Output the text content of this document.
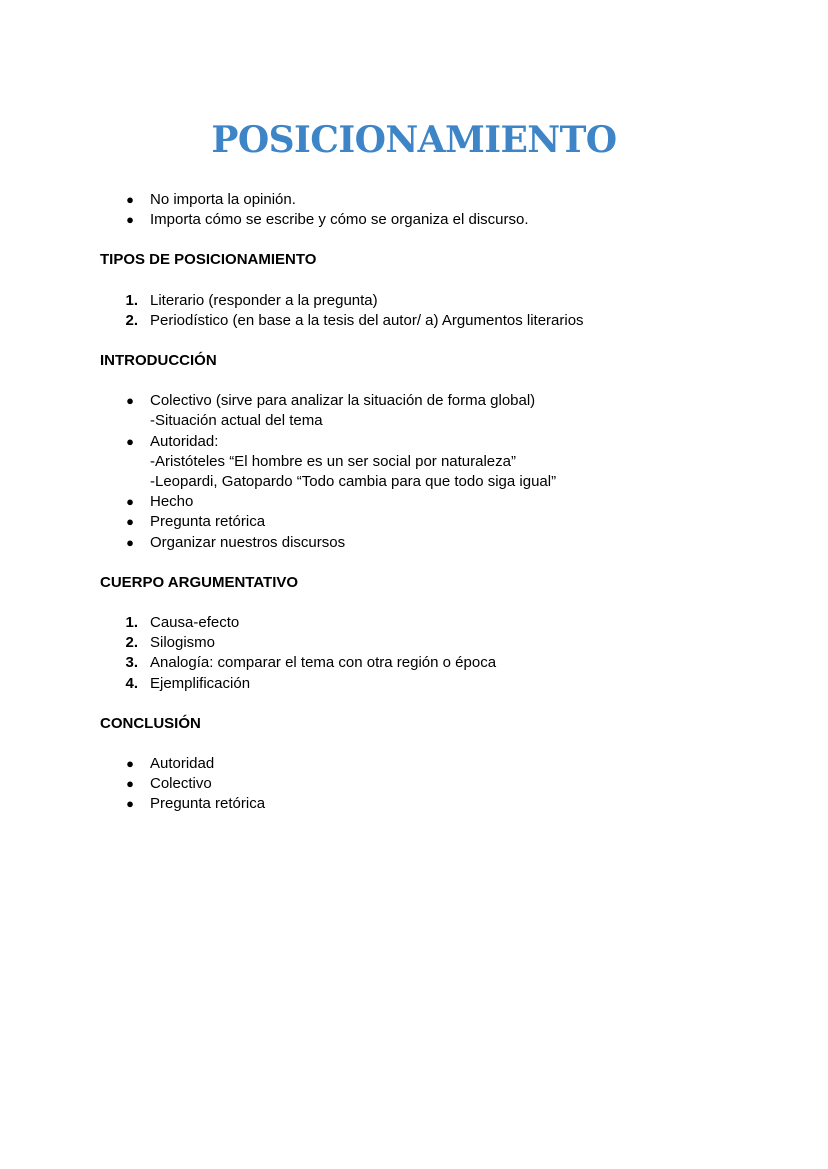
POSICIONAMIENTO
● No importa la opinión.
● Importa cómo se escribe y cómo se organiza el discurso.
TIPOS DE POSICIONAMIENTO
1. Literario (responder a la pregunta)
2. Periodístico (en base a la tesis del autor/ a) Argumentos literarios
INTRODUCCIÓN
● Colectivo (sirve para analizar la situación de forma global)
-Situación actual del tema
● Autoridad:
-Aristóteles “El hombre es un ser social por naturaleza”
-Leopardi, Gatopardo “Todo cambia para que todo siga igual”
● Hecho
● Pregunta retórica
● Organizar nuestros discursos
CUERPO ARGUMENTATIVO
1. Causa-efecto
2. Silogismo
3. Analogía: comparar el tema con otra región o época
4. Ejemplificación
CONCLUSIÓN
● Autoridad
● Colectivo
● Pregunta retórica
